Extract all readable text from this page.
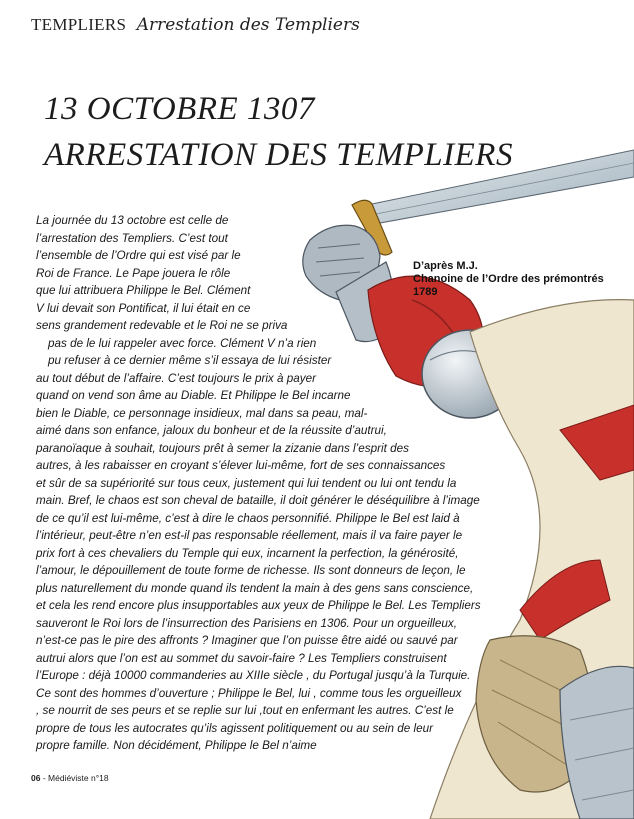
TEMPLIERS Arrestation des Templiers
13 OCTOBRE 1307
ARRESTATION DES TEMPLIERS
D’après M.J.
Chanoine de l’Ordre des prémontrés
1789
La journée du 13 octobre est celle de
l’arrestation des Templiers. C’est tout
l’ensemble de l’Ordre qui est visé par le
Roi de France. Le Pape jouera le rôle
que lui attribuera Philippe le Bel. Clément
V lui devait son Pontificat, il lui était en ce
sens grandement redevable et le Roi ne se priva
pas de le lui rappeler avec force. Clément V n’a rien
pu refuser à ce dernier même s’il essaya de lui résister
au tout début de l’affaire. C’est toujours le prix à payer
quand on vend son âme au Diable. Et Philippe le Bel incarne
bien le Diable, ce personnage insidieux, mal dans sa peau, mal-
aimé dans son enfance, jaloux du bonheur et de la réussite d’autrui,
paranoïaque à souhait, toujours prêt à semer la zizanie dans l’esprit des
autres, à les rabaisser en croyant s’élever lui-même, fort de ses connaissances
et sûr de sa supériorité sur tous ceux, justement qui lui tendent ou lui ont tendu la
main. Bref, le chaos est son cheval de bataille, il doit générer le déséquilibre à l’image
de ce qu’il est lui-même, c’est à dire le chaos personnifié. Philippe le Bel est laid à
l’intérieur, peut-être n’en est-il pas responsable réellement, mais il va faire payer le
prix fort à ces chevaliers du Temple qui eux, incarnent la perfection, la générosité,
l’amour, le dépouillement de toute forme de richesse. Ils sont donneurs de leçon, le
plus naturellement du monde quand ils tendent la main à des gens sans conscience,
et cela les rend encore plus insupportables aux yeux de Philippe le Bel. Les Templiers
sauveront le Roi lors de l’insurrection des Parisiens en 1306. Pour un orgueilleux,
n’est-ce pas le pire des affronts ? Imaginer que l’on puisse être aidé ou sauvé par
autrui alors que l’on est au sommet du savoir-faire ? Les Templiers construisent
l’Europe : déjà 10000 commanderies au XIIIe siècle , du Portugal jusqu’à la Turquie.
Ce sont des hommes d’ouverture ; Philippe le Bel, lui , comme tous les orgueilleux
, se nourrit de ses peurs et se replie sur lui ,tout en enfermant les autres. C’est le
propre de tous les autocrates qu’ils agissent politiquement ou au sein de leur
propre famille. Non décidément, Philippe le Bel n’aime
06 - Médiéviste n°18
